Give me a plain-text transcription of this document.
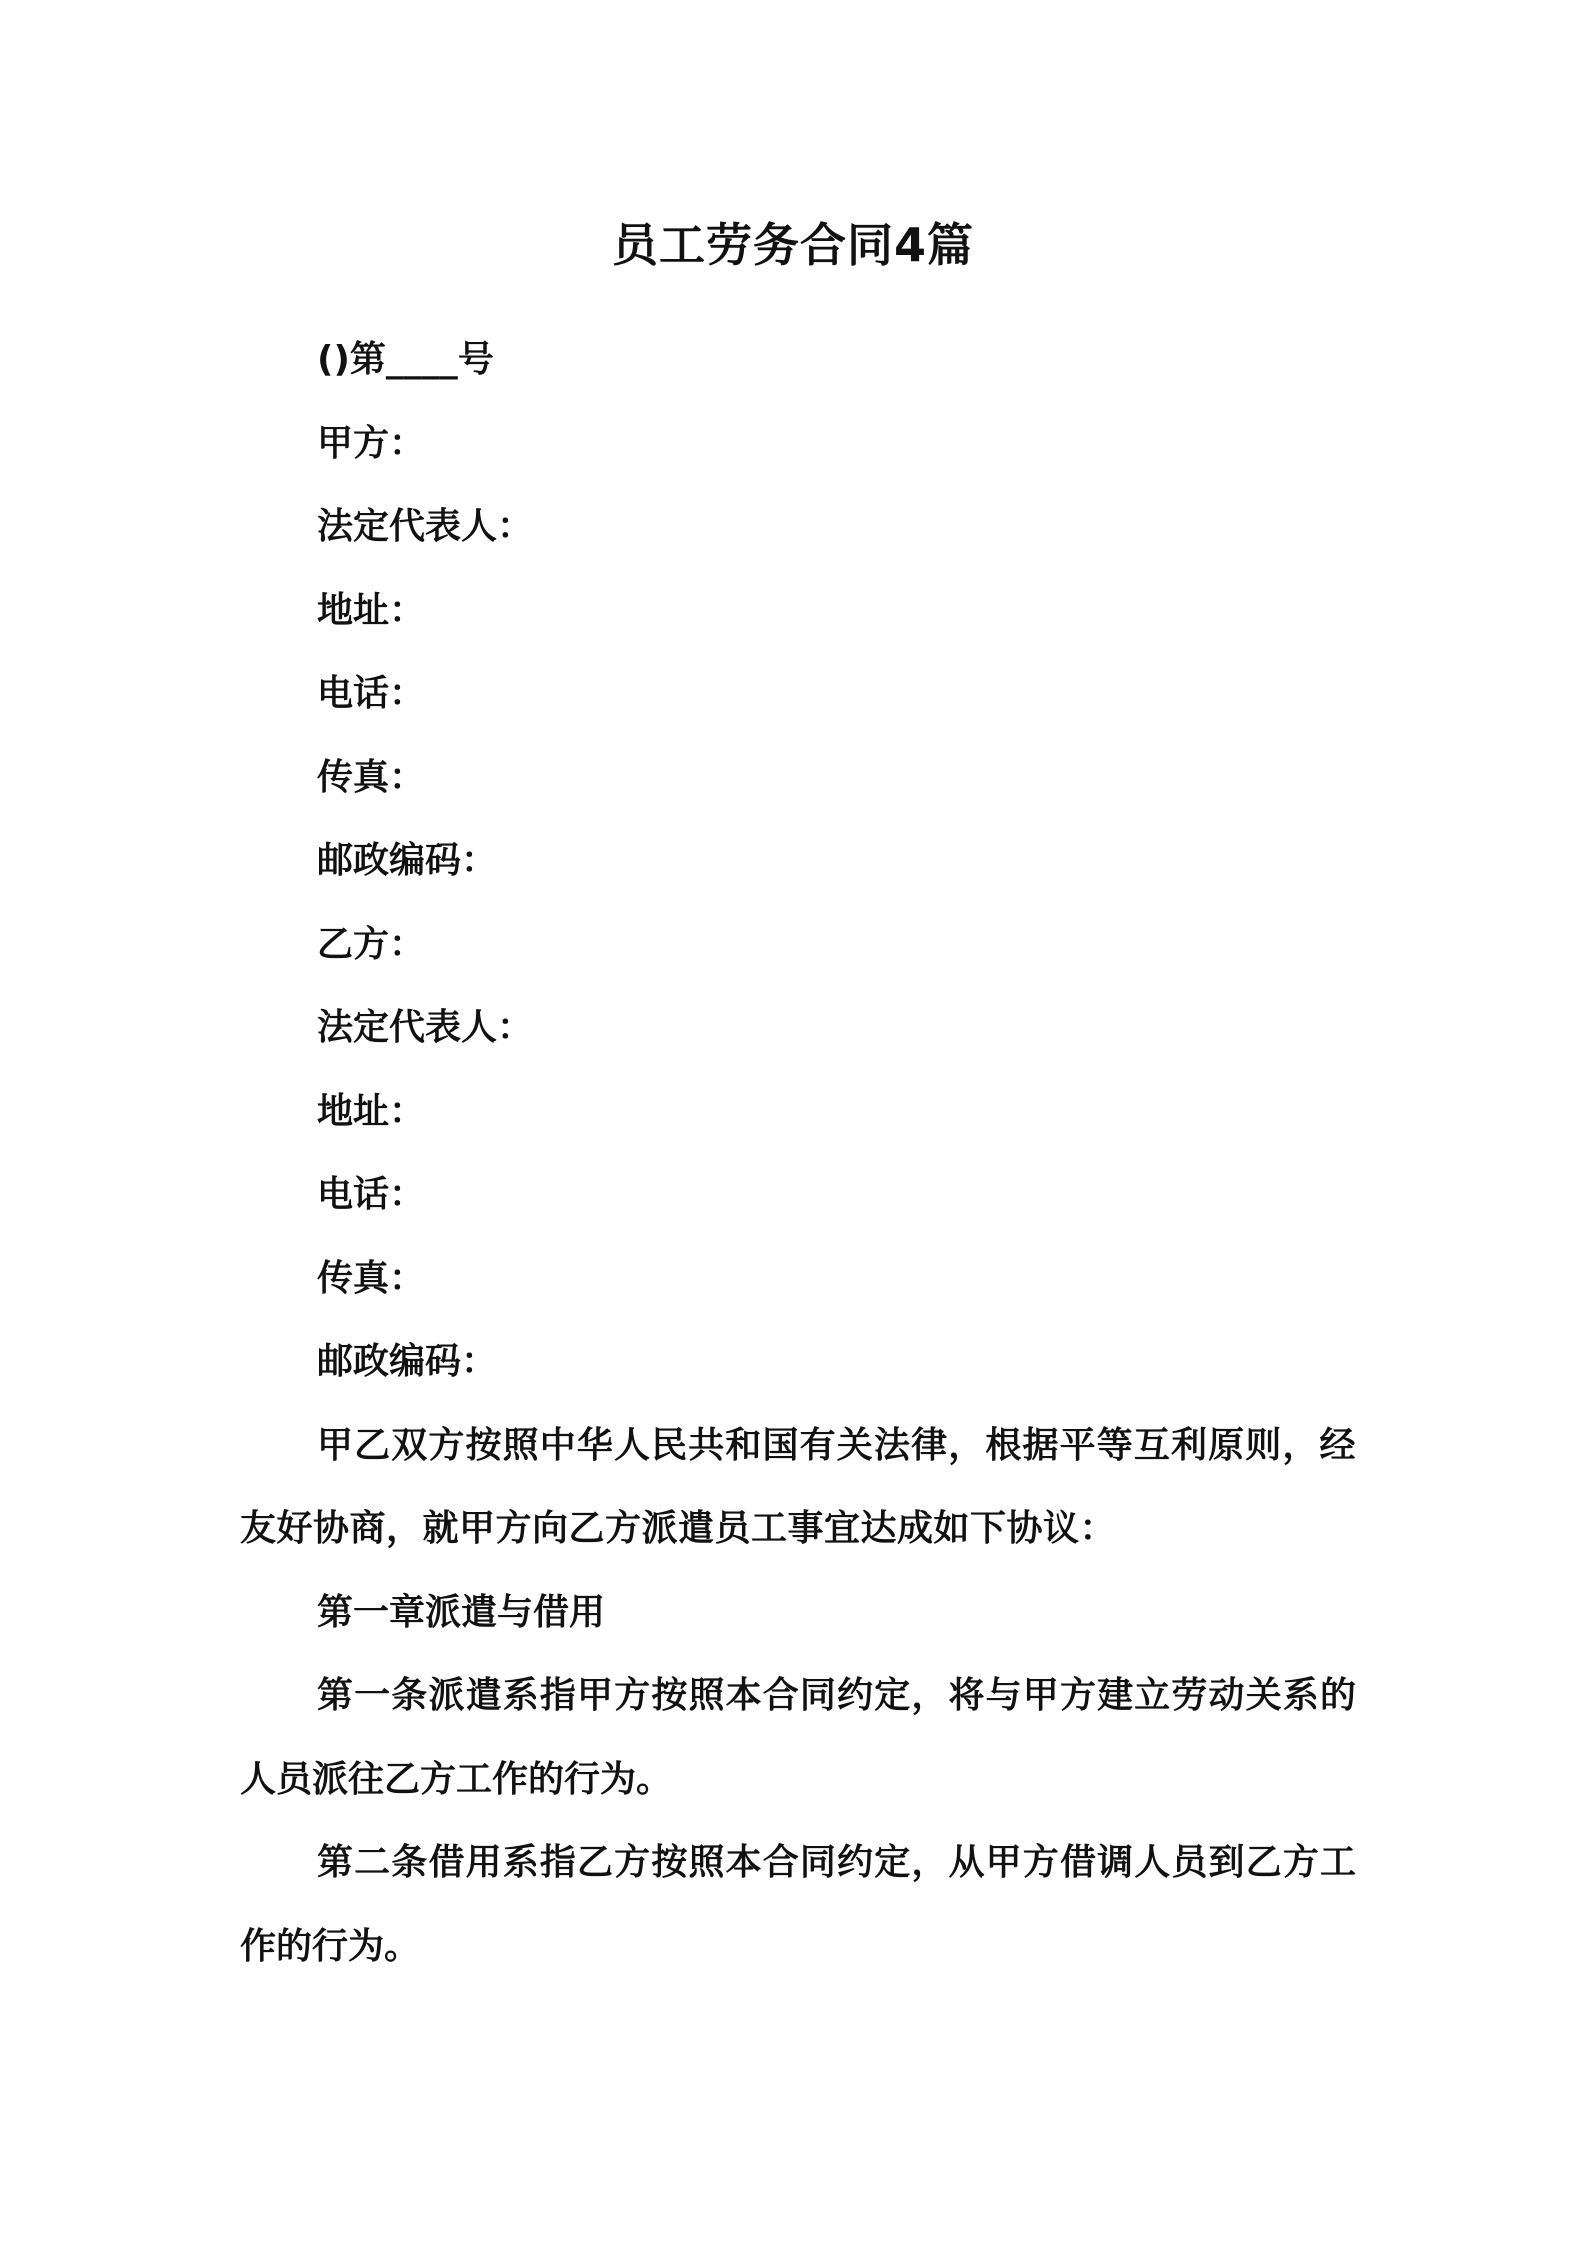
员工劳务合同4篇
()第____号
甲方：
法定代表人：
地址：
电话：
传真：
邮政编码：
乙方：
法定代表人：
地址：
电话：
传真：
邮政编码：

甲乙双方按照中华人民共和国有关法律，根据平等互利原则，经友好协商，就甲方向乙方派遣员工事宜达成如下协议：

第一章派遣与借用

第一条派遣系指甲方按照本合同约定，将与甲方建立劳动关系的人员派往乙方工作的行为。

第二条借用系指乙方按照本合同约定，从甲方借调人员到乙方工作的行为。
